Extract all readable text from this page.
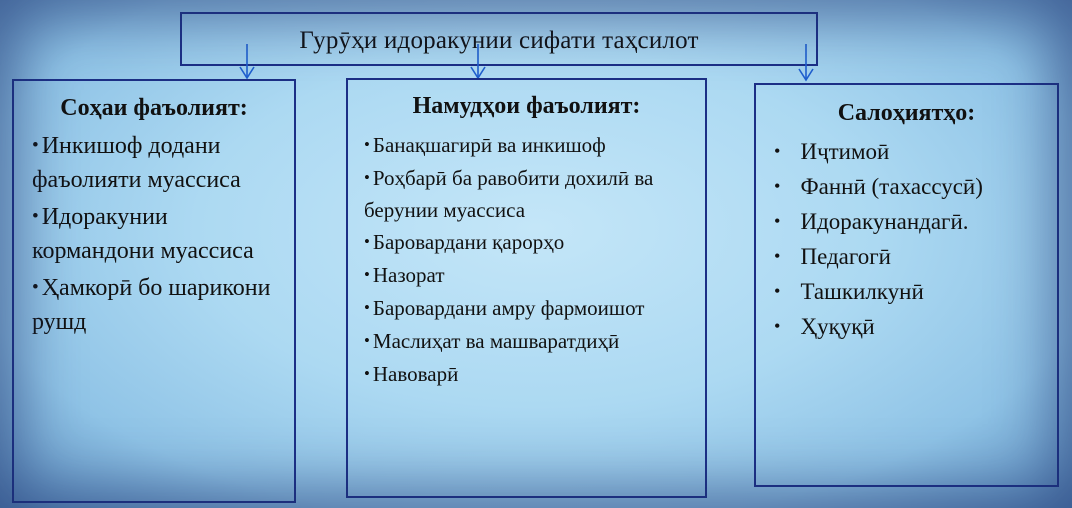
Гурӯҳи идоракунии сифати таҳсилот
Соҳаи фаъолият:
• Инкишоф додани фаъолияти муассиса
• Идоракунии кормандони муассиса
• Ҳамкорӣ бо шарикони рушд
Намудҳои фаъолият:
• Банақшагирӣ ва инкишоф
• Роҳбарӣ ба равобити дохилӣ ва берунии муассиса
• Баровардани қарорҳо
• Назорат
• Баровардани амру фармоишот
• Маслиҳат ва машваратдиҳӣ
• Навоварӣ
Салоҳиятҳо:
• Иҷтимоӣ
• Фаннӣ (тахассусӣ)
• Идоракунандагӣ.
• Педагогӣ
• Ташкилкунӣ
• Ҳуқуқӣ
